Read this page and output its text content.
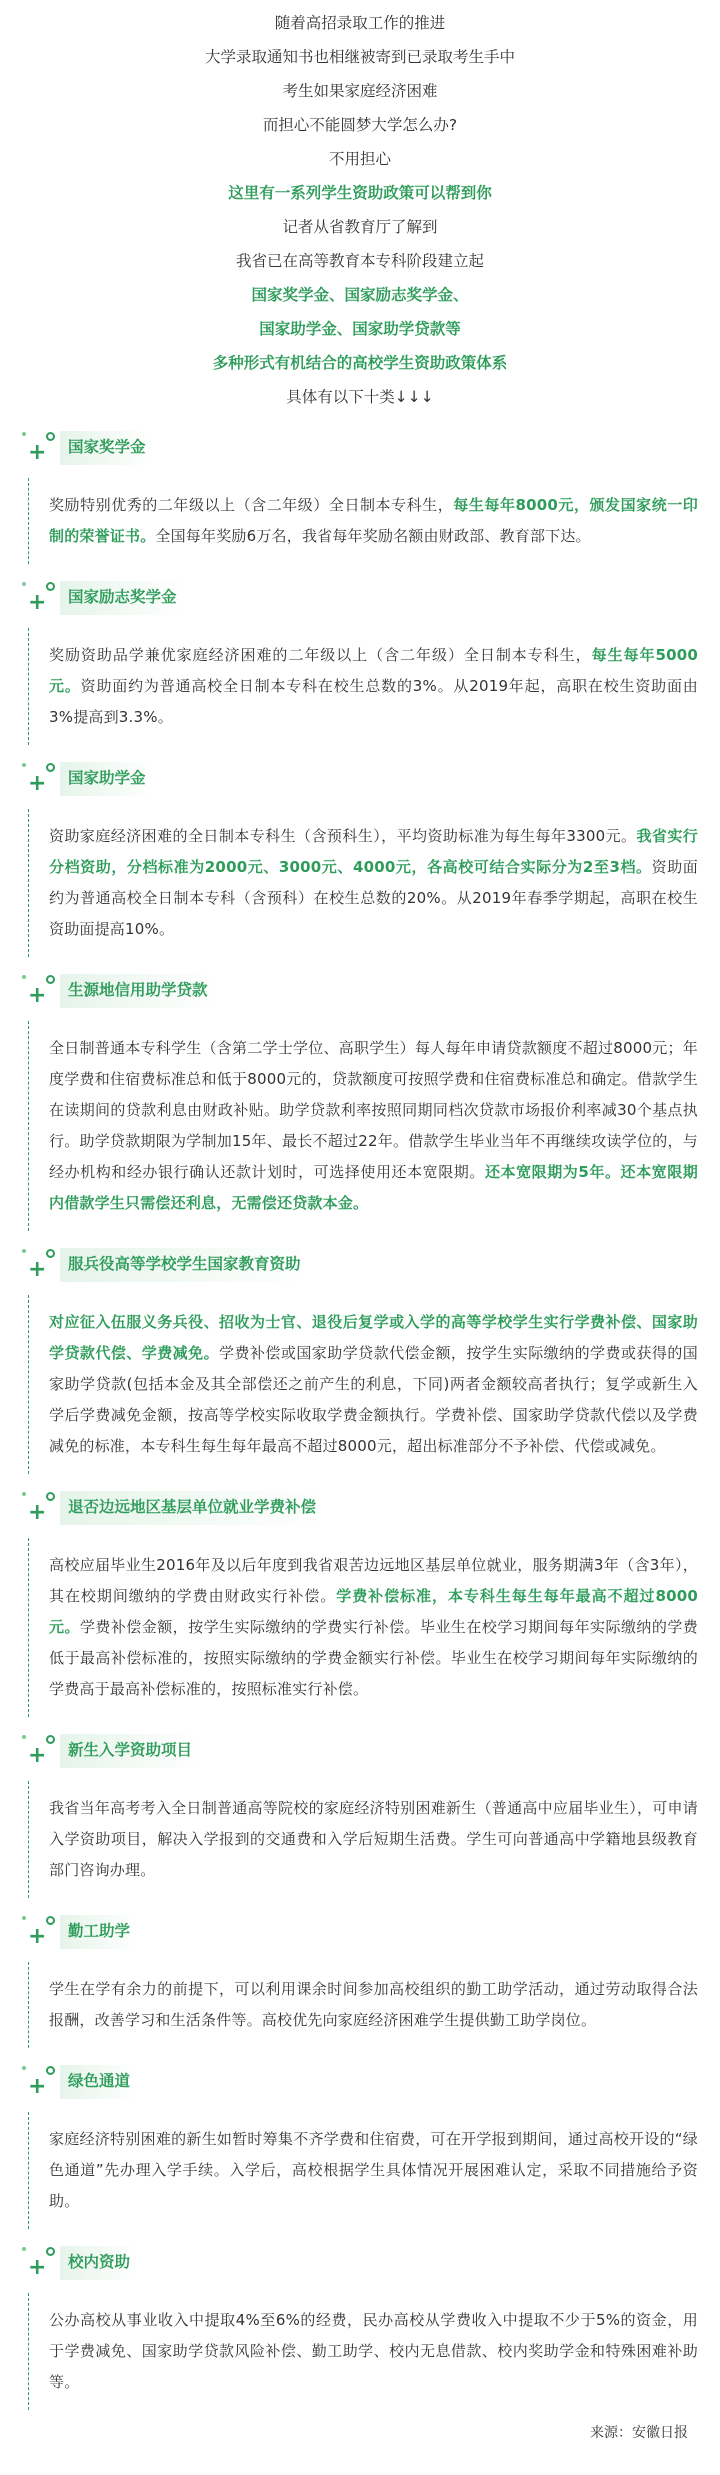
随着高招录取工作的推进

大学录取通知书也相继被寄到已录取考生手中

考生如果家庭经济困难

而担心不能圆梦大学怎么办?

不用担心

这里有一系列学生资助政策可以帮到你

记者从省教育厅了解到

我省已在高等教育本专科阶段建立起

国家奖学金、国家励志奖学金、

国家助学金、国家助学贷款等

多种形式有机结合的高校学生资助政策体系

具体有以下十类↓↓↓

+	国家奖学金
奖励特别优秀的二年级以上（含二年级）全日制本专科生，每生每年8000元，颁发国家统一印制的荣誉证书。全国每年奖励6万名，我省每年奖励名额由财政部、教育部下达。
+	国家励志奖学金
奖励资助品学兼优家庭经济困难的二年级以上（含二年级）全日制本专科生，每生每年5000元。资助面约为普通高校全日制本专科在校生总数的3%。从2019年起，高职在校生资助面由3%提高到3.3%。
+	国家助学金
资助家庭经济困难的全日制本专科生（含预科生），平均资助标准为每生每年3300元。我省实行分档资助，分档标准为2000元、3000元、4000元，各高校可结合实际分为2至3档。资助面约为普通高校全日制本专科（含预科）在校生总数的20%。从2019年春季学期起，高职在校生资助面提高10%。
+	生源地信用助学贷款
全日制普通本专科学生（含第二学士学位、高职学生）每人每年申请贷款额度不超过8000元；年度学费和住宿费标准总和低于8000元的，贷款额度可按照学费和住宿费标准总和确定。借款学生在读期间的贷款利息由财政补贴。助学贷款利率按照同期同档次贷款市场报价利率减30个基点执行。助学贷款期限为学制加15年、最长不超过22年。借款学生毕业当年不再继续攻读学位的，与经办机构和经办银行确认还款计划时，可选择使用还本宽限期。还本宽限期为5年。还本宽限期内借款学生只需偿还利息，无需偿还贷款本金。
+	服兵役高等学校学生国家教育资助
对应征入伍服义务兵役、招收为士官、退役后复学或入学的高等学校学生实行学费补偿、国家助学贷款代偿、学费减免。学费补偿或国家助学贷款代偿金额，按学生实际缴纳的学费或获得的国家助学贷款(包括本金及其全部偿还之前产生的利息，下同)两者金额较高者执行；复学或新生入学后学费减免金额，按高等学校实际收取学费金额执行。学费补偿、国家助学贷款代偿以及学费减免的标准，本专科生每生每年最高不超过8000元，超出标准部分不予补偿、代偿或减免。
+	退否边远地区基层单位就业学费补偿
高校应届毕业生2016年及以后年度到我省艰苦边远地区基层单位就业，服务期满3年（含3年），其在校期间缴纳的学费由财政实行补偿。学费补偿标准，本专科生每生每年最高不超过8000元。学费补偿金额，按学生实际缴纳的学费实行补偿。毕业生在校学习期间每年实际缴纳的学费低于最高补偿标准的，按照实际缴纳的学费金额实行补偿。毕业生在校学习期间每年实际缴纳的学费高于最高补偿标准的，按照标准实行补偿。
+	新生入学资助项目
我省当年高考考入全日制普通高等院校的家庭经济特别困难新生（普通高中应届毕业生），可申请入学资助项目，解决入学报到的交通费和入学后短期生活费。学生可向普通高中学籍地县级教育部门咨询办理。
+	勤工助学
学生在学有余力的前提下，可以利用课余时间参加高校组织的勤工助学活动，通过劳动取得合法报酬，改善学习和生活条件等。高校优先向家庭经济困难学生提供勤工助学岗位。
+	绿色通道
家庭经济特别困难的新生如暂时筹集不齐学费和住宿费，可在开学报到期间，通过高校开设的“绿色通道”先办理入学手续。入学后，高校根据学生具体情况开展困难认定，采取不同措施给予资助。
+	校内资助
公办高校从事业收入中提取4%至6%的经费，民办高校从学费收入中提取不少于5%的资金，用于学费减免、国家助学贷款风险补偿、勤工助学、校内无息借款、校内奖助学金和特殊困难补助等。
来源：安徽日报
